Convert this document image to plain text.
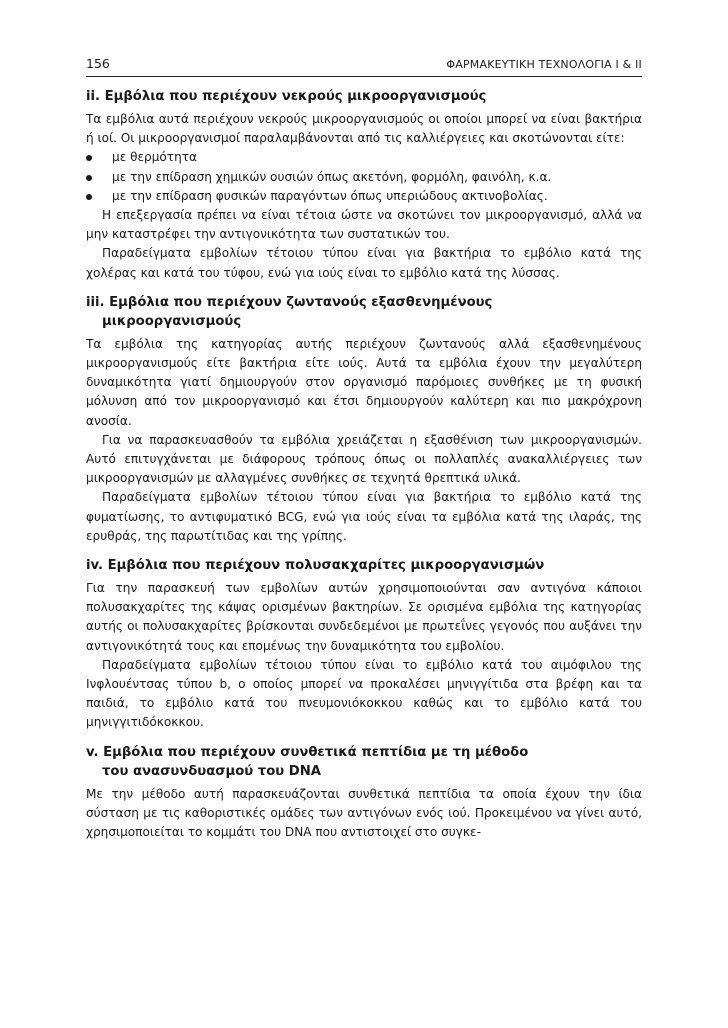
156	ΦΑΡΜΑΚΕΥΤΙΚΗ ΤΕΧΝΟΛΟΓΙΑ Ι & ΙΙ
ii. Εμβόλια που περιέχουν νεκρούς μικροοργανισμούς

Τα εμβόλια αυτά περιέχουν νεκρούς μικροοργανισμούς οι οποίοι μπορεί να είναι βακτήρια ή ιοί. Οι μικροοργανισμοί παραλαμβάνονται από τις καλλιέργειες και σκοτώνονται είτε:

με θερμότητα
με την επίδραση χημικών ουσιών όπως ακετόνη, φορμόλη, φαινόλη, κ.α.
με την επίδραση φυσικών παραγόντων όπως υπεριώδους ακτινοβολίας.

Η επεξεργασία πρέπει να είναι τέτοια ώστε να σκοτώνει τον μικροοργανισμό, αλλά να μην καταστρέφει την αντιγονικότητα των συστατικών του.

Παραδείγματα εμβολίων τέτοιου τύπου είναι για βακτήρια το εμβόλιο κατά της χολέρας και κατά του τύφου, ενώ για ιούς είναι το εμβόλιο κατά της λύσσας.

iii. Εμβόλια που περιέχουν ζωντανούς εξασθενημένους
μικροοργανισμούς

Τα εμβόλια της κατηγορίας αυτής περιέχουν ζωντανούς αλλά εξασθενημένους μικροοργανισμούς είτε βακτήρια είτε ιούς. Αυτά τα εμβόλια έχουν την μεγαλύτερη δυναμικότητα γιατί δημιουργούν στον οργανισμό παρόμοιες συνθήκες με τη φυσική μόλυνση από τον μικροοργανισμό και έτσι δημιουργούν καλύτερη και πιο μακρόχρονη ανοσία.

Για να παρασκευασθούν τα εμβόλια χρειάζεται η εξασθένιση των μικροοργανισμών. Αυτό επιτυγχάνεται με διάφορους τρόπους όπως οι πολλαπλές ανακαλλιέργειες των μικροοργανισμών με αλλαγμένες συνθήκες σε τεχνητά θρεπτικά υλικά.

Παραδείγματα εμβολίων τέτοιου τύπου είναι για βακτήρια το εμβόλιο κατά της φυματίωσης, το αντιφυματικό BCG, ενώ για ιούς είναι τα εμβόλια κατά της ιλαράς, της ερυθράς, της παρωτίτιδας και της γρίπης.

iv. Εμβόλια που περιέχουν πολυσακχαρίτες μικροοργανισμών

Για την παρασκευή των εμβολίων αυτών χρησιμοποιούνται σαν αντιγόνα κάποιοι πολυσακχαρίτες της κάψας ορισμένων βακτηρίων. Σε ορισμένα εμβόλια της κατηγορίας αυτής οι πολυσακχαρίτες βρίσκονται συνδεδεμένοι με πρωτεΐνες γεγονός που αυξάνει την αντιγονικότητά τους και επομένως την δυναμικότητα του εμβολίου.

Παραδείγματα εμβολίων τέτοιου τύπου είναι το εμβόλιο κατά του αιμόφιλου της Ινφλουέντσας τύπου b, ο οποίος μπορεί να προκαλέσει μηνιγγίτιδα στα βρέφη και τα παιδιά, το εμβόλιο κατά του πνευμονιόκοκκου καθώς και το εμβόλιο κατά του μηνιγγιτιδόκοκκου.

v. Εμβόλια που περιέχουν συνθετικά πεπτίδια με τη μέθοδο
του ανασυνδυασμού του DNA

Με την μέθοδο αυτή παρασκευάζονται συνθετικά πεπτίδια τα οποία έχουν την ίδια σύσταση με τις καθοριστικές ομάδες των αντιγόνων ενός ιού. Προκειμένου να γίνει αυτό, χρησιμοποιείται το κομμάτι του DNA που αντιστοιχεί στο συγκε-
